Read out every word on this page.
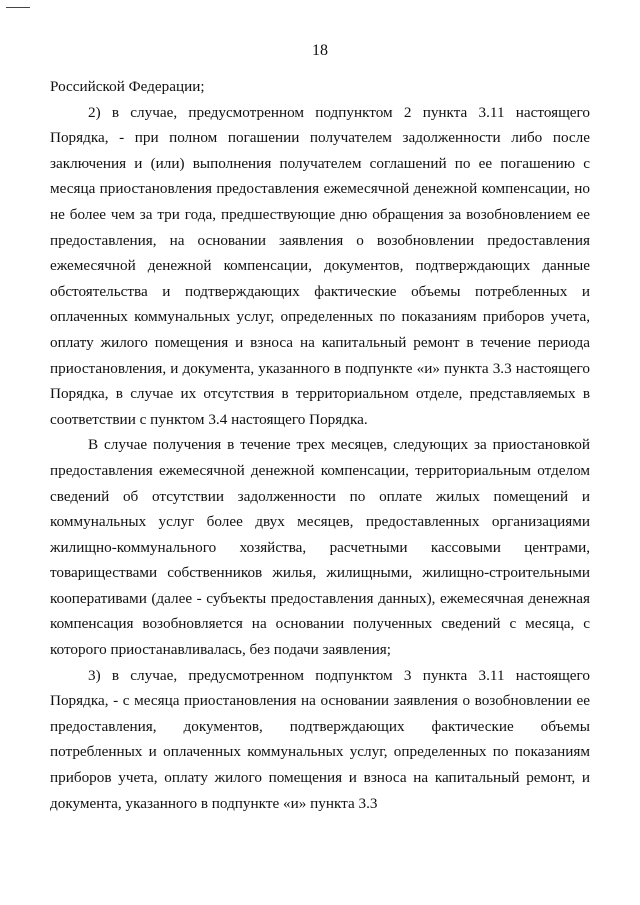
18

Российской Федерации;

2) в случае, предусмотренном подпунктом 2 пункта 3.11 настоящего Порядка, - при полном погашении получателем задолженности либо после заключения и (или) выполнения получателем соглашений по ее погашению с месяца приостановления предоставления ежемесячной денежной компенсации, но не более чем за три года, предшествующие дню обращения за возобновлением ее предоставления, на основании заявления о возобновлении предоставления ежемесячной денежной компенсации, документов, подтверждающих данные обстоятельства и подтверждающих фактические объемы потребленных и оплаченных коммунальных услуг, определенных по показаниям приборов учета, оплату жилого помещения и взноса на капитальный ремонт в течение периода приостановления, и документа, указанного в подпункте «и» пункта 3.3 настоящего Порядка, в случае их отсутствия в территориальном отделе, представляемых в соответствии с пунктом 3.4 настоящего Порядка.

В случае получения в течение трех месяцев, следующих за приостановкой предоставления ежемесячной денежной компенсации, территориальным отделом сведений об отсутствии задолженности по оплате жилых помещений и коммунальных услуг более двух месяцев, предоставленных организациями жилищно-коммунального хозяйства, расчетными кассовыми центрами, товариществами собственников жилья, жилищными, жилищно-строительными кооперативами (далее - субъекты предоставления данных), ежемесячная денежная компенсация возобновляется на основании полученных сведений с месяца, с которого приостанавливалась, без подачи заявления;

3) в случае, предусмотренном подпунктом 3 пункта 3.11 настоящего Порядка, - с месяца приостановления на основании заявления о возобновлении ее предоставления, документов, подтверждающих фактические объемы потребленных и оплаченных коммунальных услуг, определенных по показаниям приборов учета, оплату жилого помещения и взноса на капитальный ремонт, и документа, указанного в подпункте «и» пункта 3.3
